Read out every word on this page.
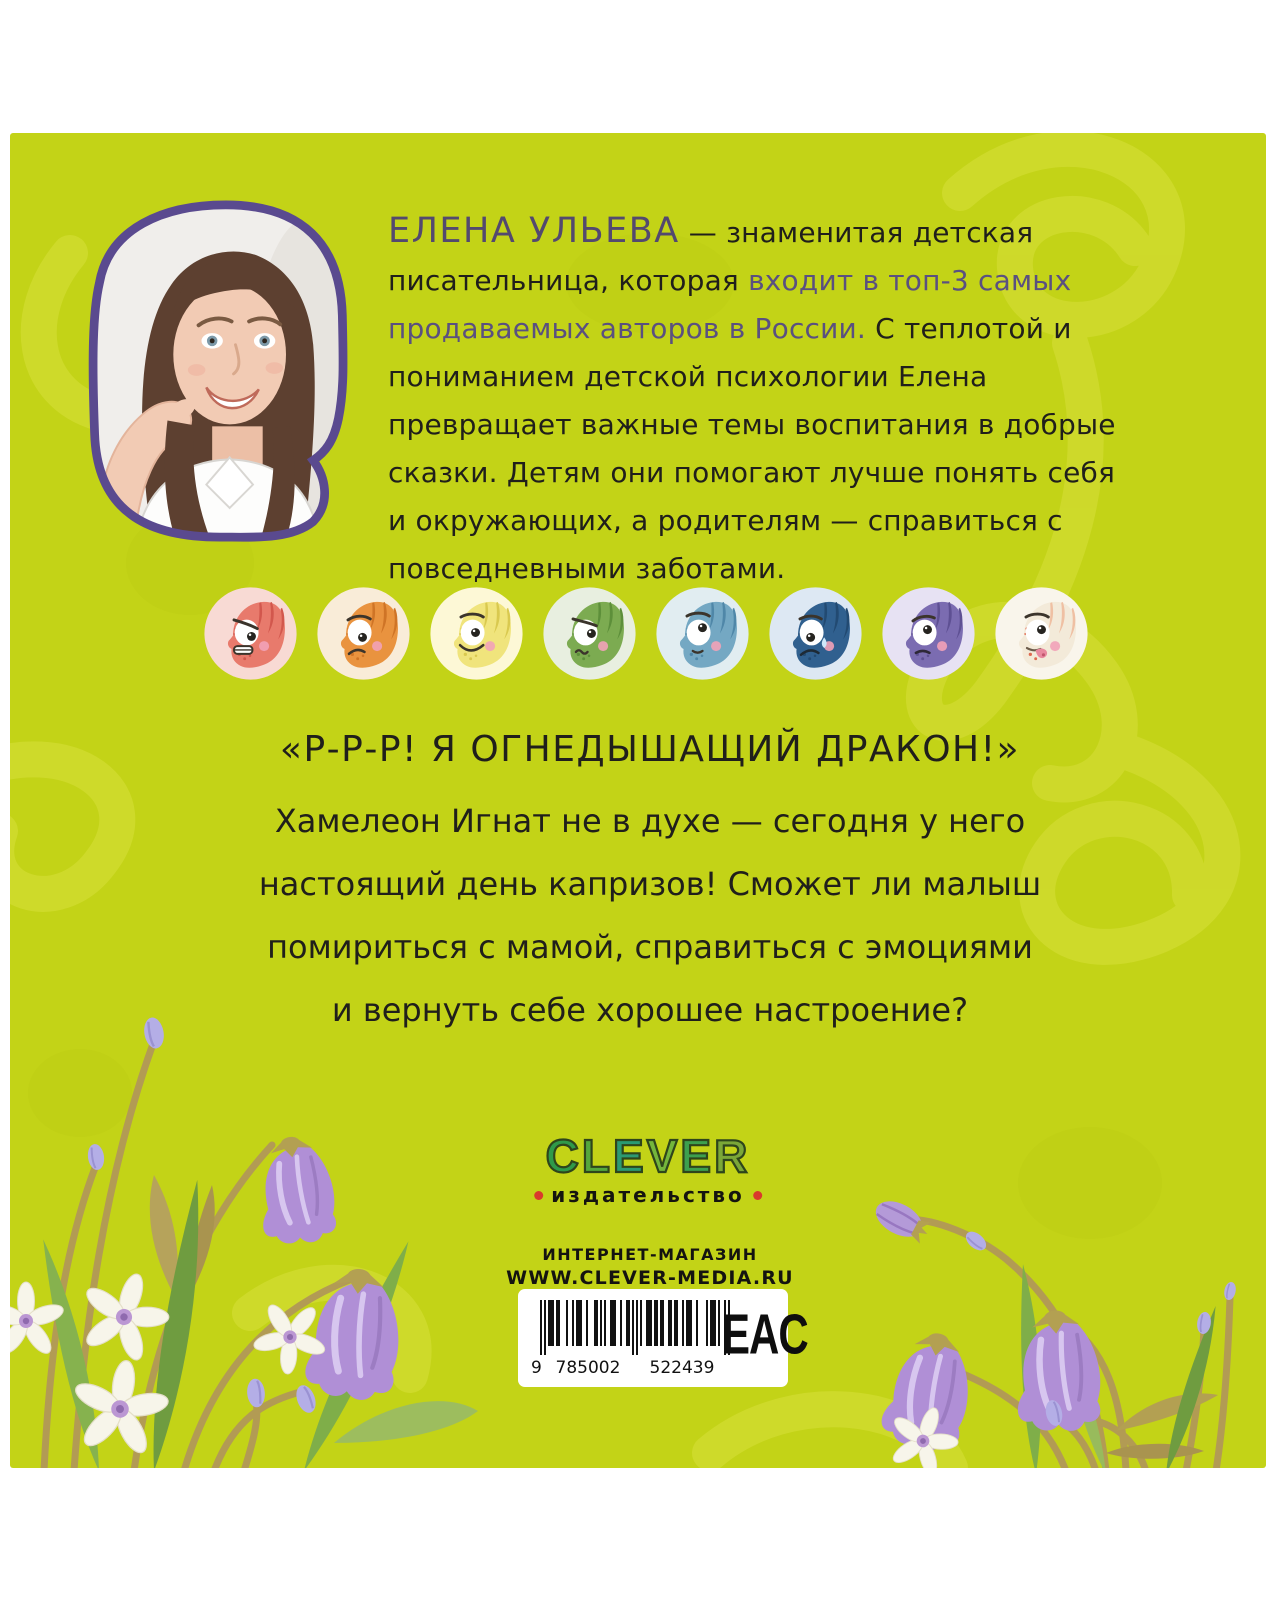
ЕЛЕНА УЛЬЕВА — знаменитая детская писательница, которая входит в топ-3 самых продаваемых авторов в России. С теплотой и пониманием детской психологии Елена превращает важные темы воспитания в добрые сказки. Детям они помогают лучше понять себя и окружающих, а родителям — справиться с повседневными заботами.

«Р-Р-Р! Я ОГНЕДЫШАЩИЙ ДРАКОН!»
Хамелеон Игнат не в духе — сегодня у него
настоящий день капризов! Сможет ли малыш
помириться с мамой, справиться с эмоциями
и вернуть себе хорошее настроение?
CLEVER
издательство
ИНТЕРНЕТ-МАГАЗИН
WWW.CLEVER-MEDIA.RU
9 785002 522439
EAC
